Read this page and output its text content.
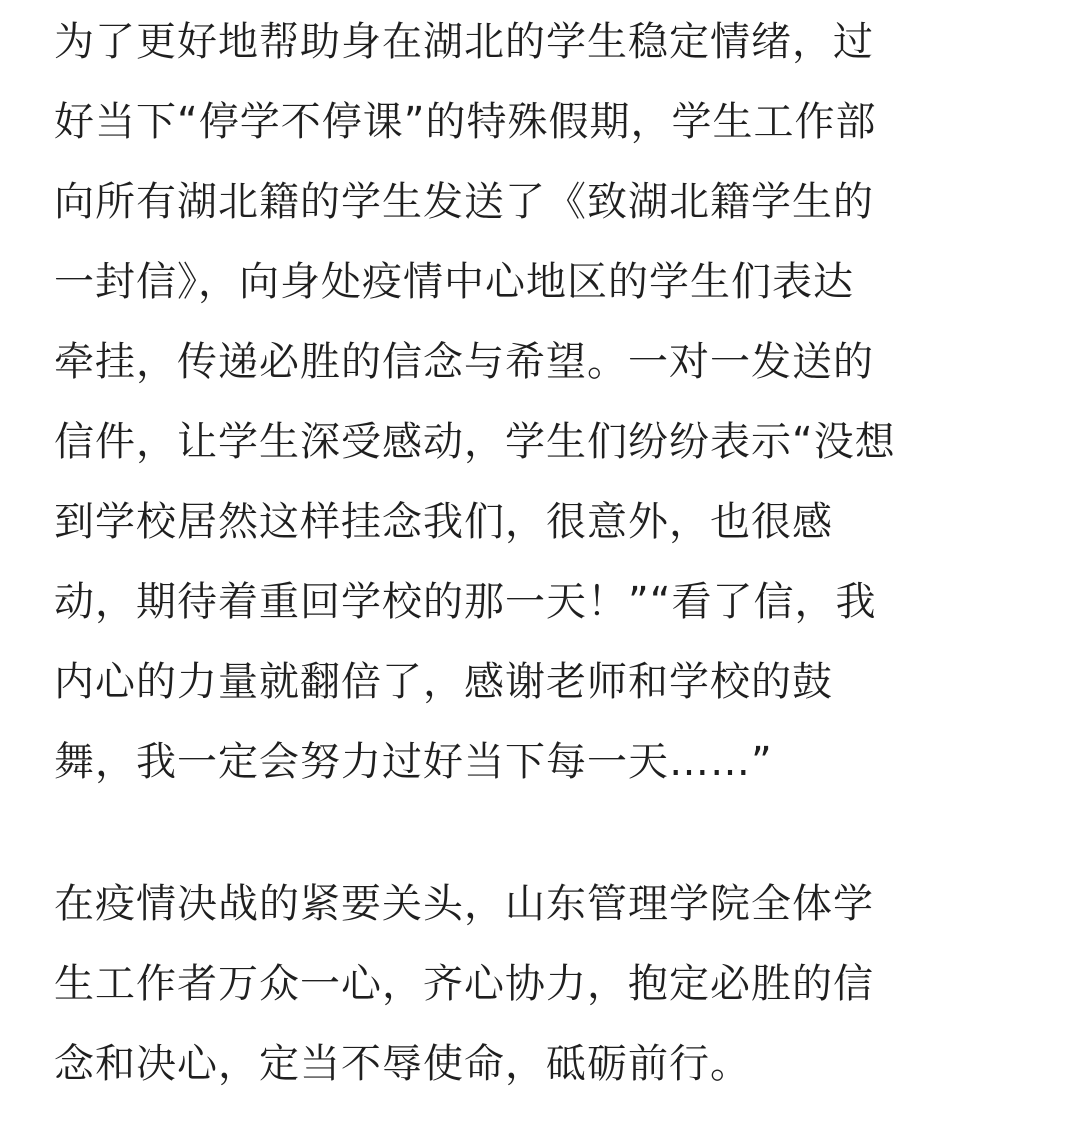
为了更好地帮助身在湖北的学生稳定情绪，过
好当下“停学不停课”的特殊假期，学生工作部
向所有湖北籍的学生发送了《致湖北籍学生的
一封信》，向身处疫情中心地区的学生们表达
牵挂，传递必胜的信念与希望。一对一发送的
信件，让学生深受感动，学生们纷纷表示“没想
到学校居然这样挂念我们，很意外，也很感
动，期待着重回学校的那一天！”“看了信，我
内心的力量就翻倍了，感谢老师和学校的鼓
舞，我一定会努力过好当下每一天……”

在疫情决战的紧要关头，山东管理学院全体学
生工作者万众一心，齐心协力，抱定必胜的信
念和决心，定当不辱使命，砥砺前行。
